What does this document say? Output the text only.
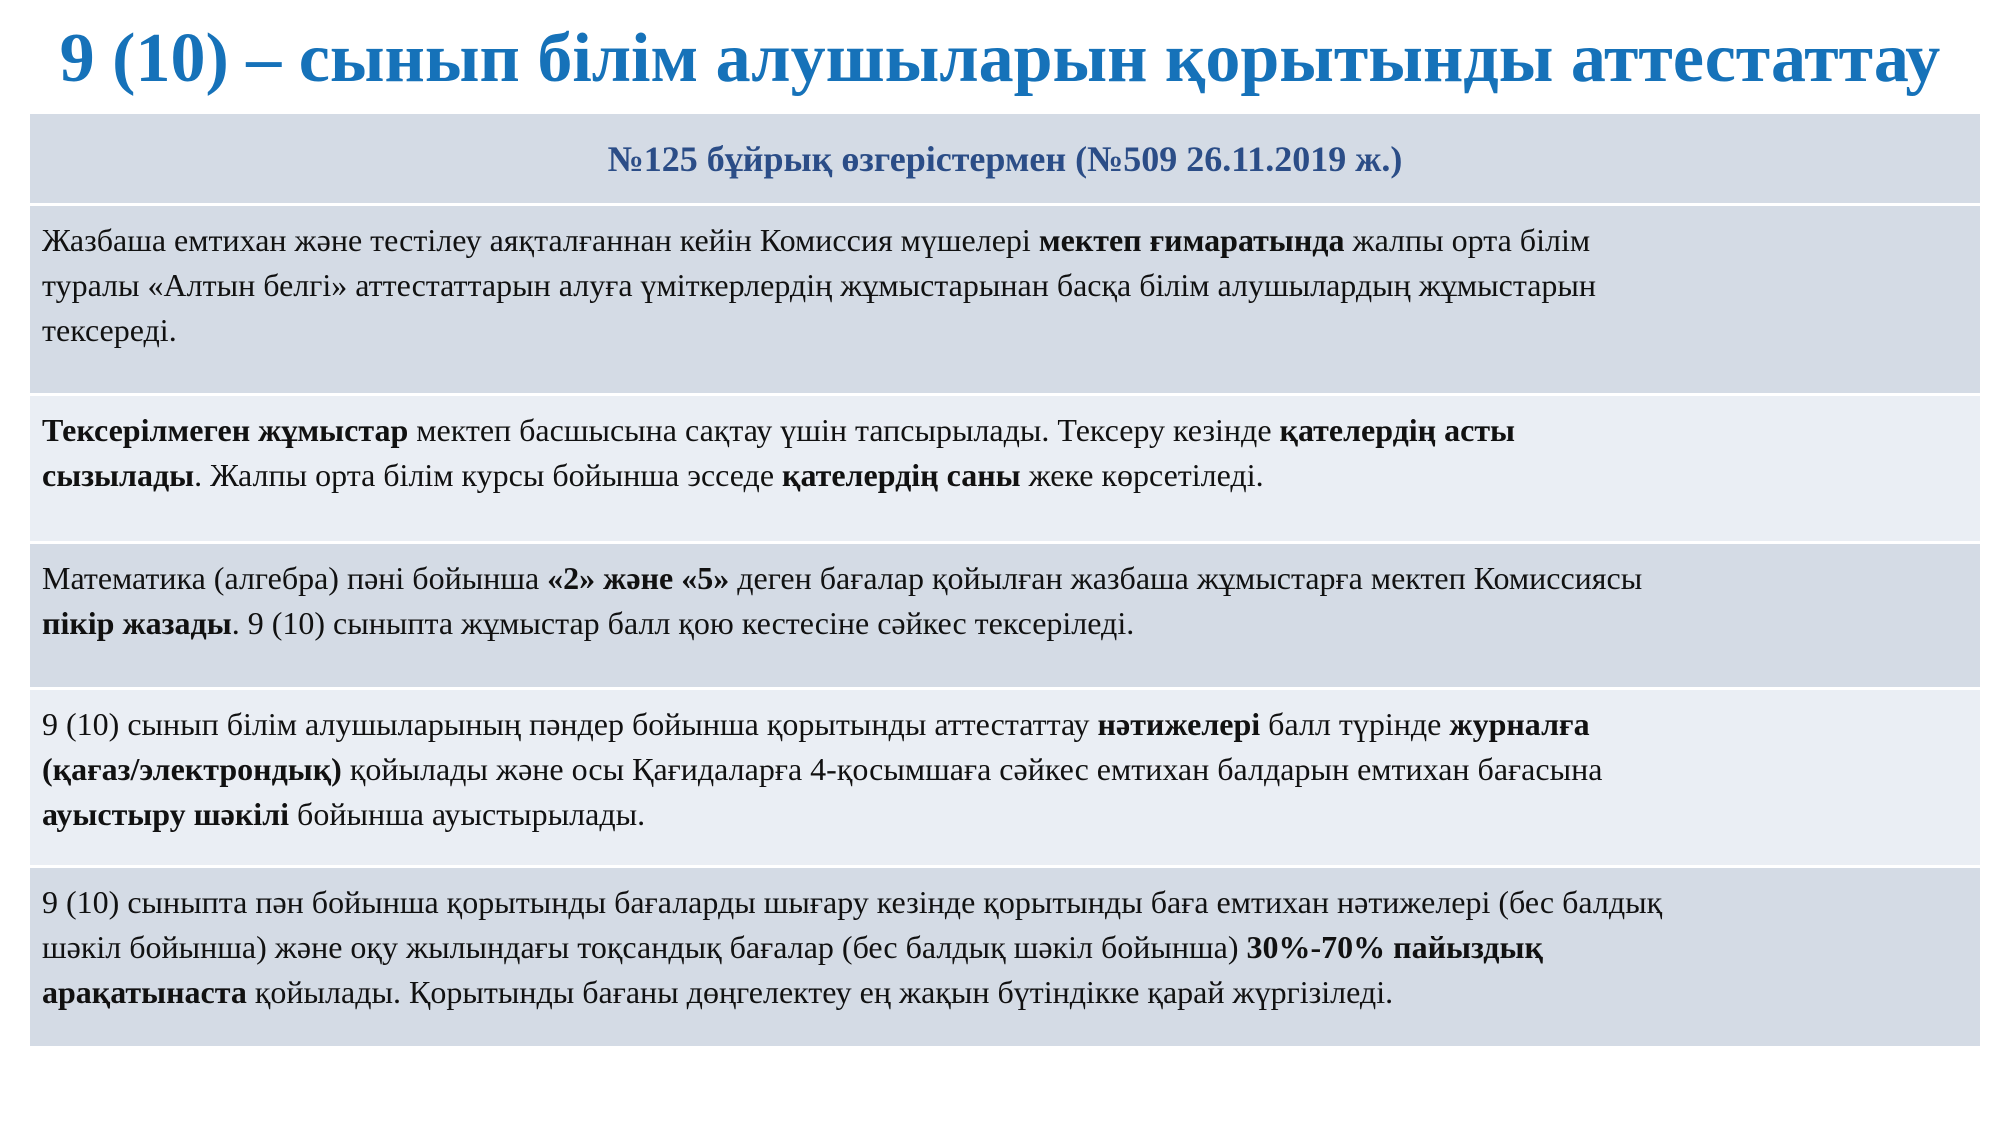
9 (10) – сынып білім алушыларын қорытынды аттестаттау
№125 бұйрық өзгерістермен (№509 26.11.2019 ж.)

Жазбаша емтихан және тестілеу аяқталғаннан кейін Комиссия мүшелері мектеп ғимаратында жалпы орта білім

туралы «Алтын белгі» аттестаттарын алуға үміткерлердің жұмыстарынан басқа білім алушылардың жұмыстарын

тексереді.

Тексерілмеген жұмыстар мектеп басшысына сақтау үшін тапсырылады. Тексеру кезінде қателердің асты

сызылады. Жалпы орта білім курсы бойынша эсседе қателердің саны жеке көрсетіледі.

Математика (алгебра) пәні бойынша «2» және «5» деген бағалар қойылған жазбаша жұмыстарға мектеп Комиссиясы

пікір жазады. 9 (10) сыныпта жұмыстар балл қою кестесіне сәйкес тексеріледі.

9 (10) сынып білім алушыларының пәндер бойынша қорытынды аттестаттау нәтижелері балл түрінде журналға

(қағаз/электрондық) қойылады және осы Қағидаларға 4-қосымшаға сәйкес емтихан балдарын емтихан бағасына

ауыстыру шәкілі бойынша ауыстырылады.

9 (10) сыныпта пән бойынша қорытынды бағаларды шығару кезінде қорытынды баға емтихан нәтижелері (бес балдық

шәкіл бойынша) және оқу жылындағы тоқсандық бағалар (бес балдық шәкіл бойынша) 30%-70% пайыздық

арақатынаста қойылады. Қорытынды бағаны дөңгелектеу ең жақын бүтіндікке қарай жүргізіледі.
